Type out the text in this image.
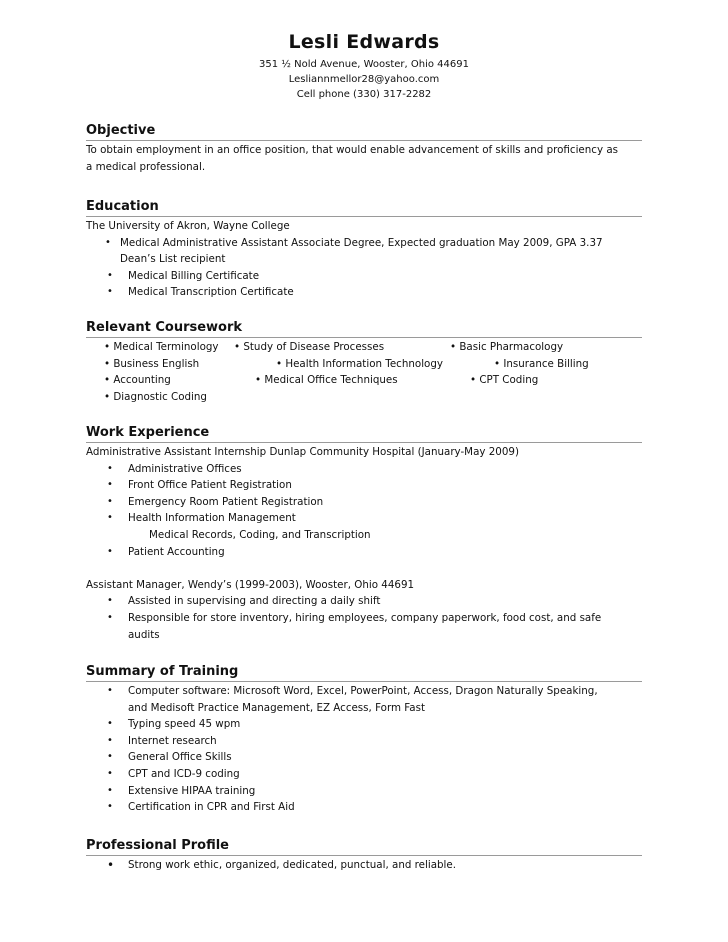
Lesli Edwards
351 ½ Nold Avenue, Wooster, Ohio 44691
Lesliannmellor28@yahoo.com
Cell phone (330) 317-2282
Objective
To obtain employment in an office position, that would enable advancement of skills and proficiency as
a medical professional.
Education
The University of Akron, Wayne College
• Medical Administrative Assistant Associate Degree, Expected graduation May 2009, GPA 3.37
Dean’s List recipient
• Medical Billing Certificate
• Medical Transcription Certificate
Relevant Coursework
• Medical Terminology • Study of Disease Processes	• Basic Pharmacology
• Business English	• Health Information Technology	• Insurance Billing
• Accounting	• Medical Office Techniques	• CPT Coding
• Diagnostic Coding
Work Experience
Administrative Assistant Internship Dunlap Community Hospital (January-May 2009)
• Administrative Offices
• Front Office Patient Registration
• Emergency Room Patient Registration
• Health Information Management
Medical Records, Coding, and Transcription
• Patient Accounting
Assistant Manager, Wendy’s (1999-2003), Wooster, Ohio 44691
• Assisted in supervising and directing a daily shift
• Responsible for store inventory, hiring employees, company paperwork, food cost, and safe
audits
Summary of Training
• Computer software: Microsoft Word, Excel, PowerPoint, Access, Dragon Naturally Speaking,
and Medisoft Practice Management, EZ Access, Form Fast
• Typing speed 45 wpm
• Internet research
• General Office Skills
• CPT and ICD-9 coding
• Extensive HIPAA training
• Certification in CPR and First Aid
Professional Profile
• Strong work ethic, organized, dedicated, punctual, and reliable.
